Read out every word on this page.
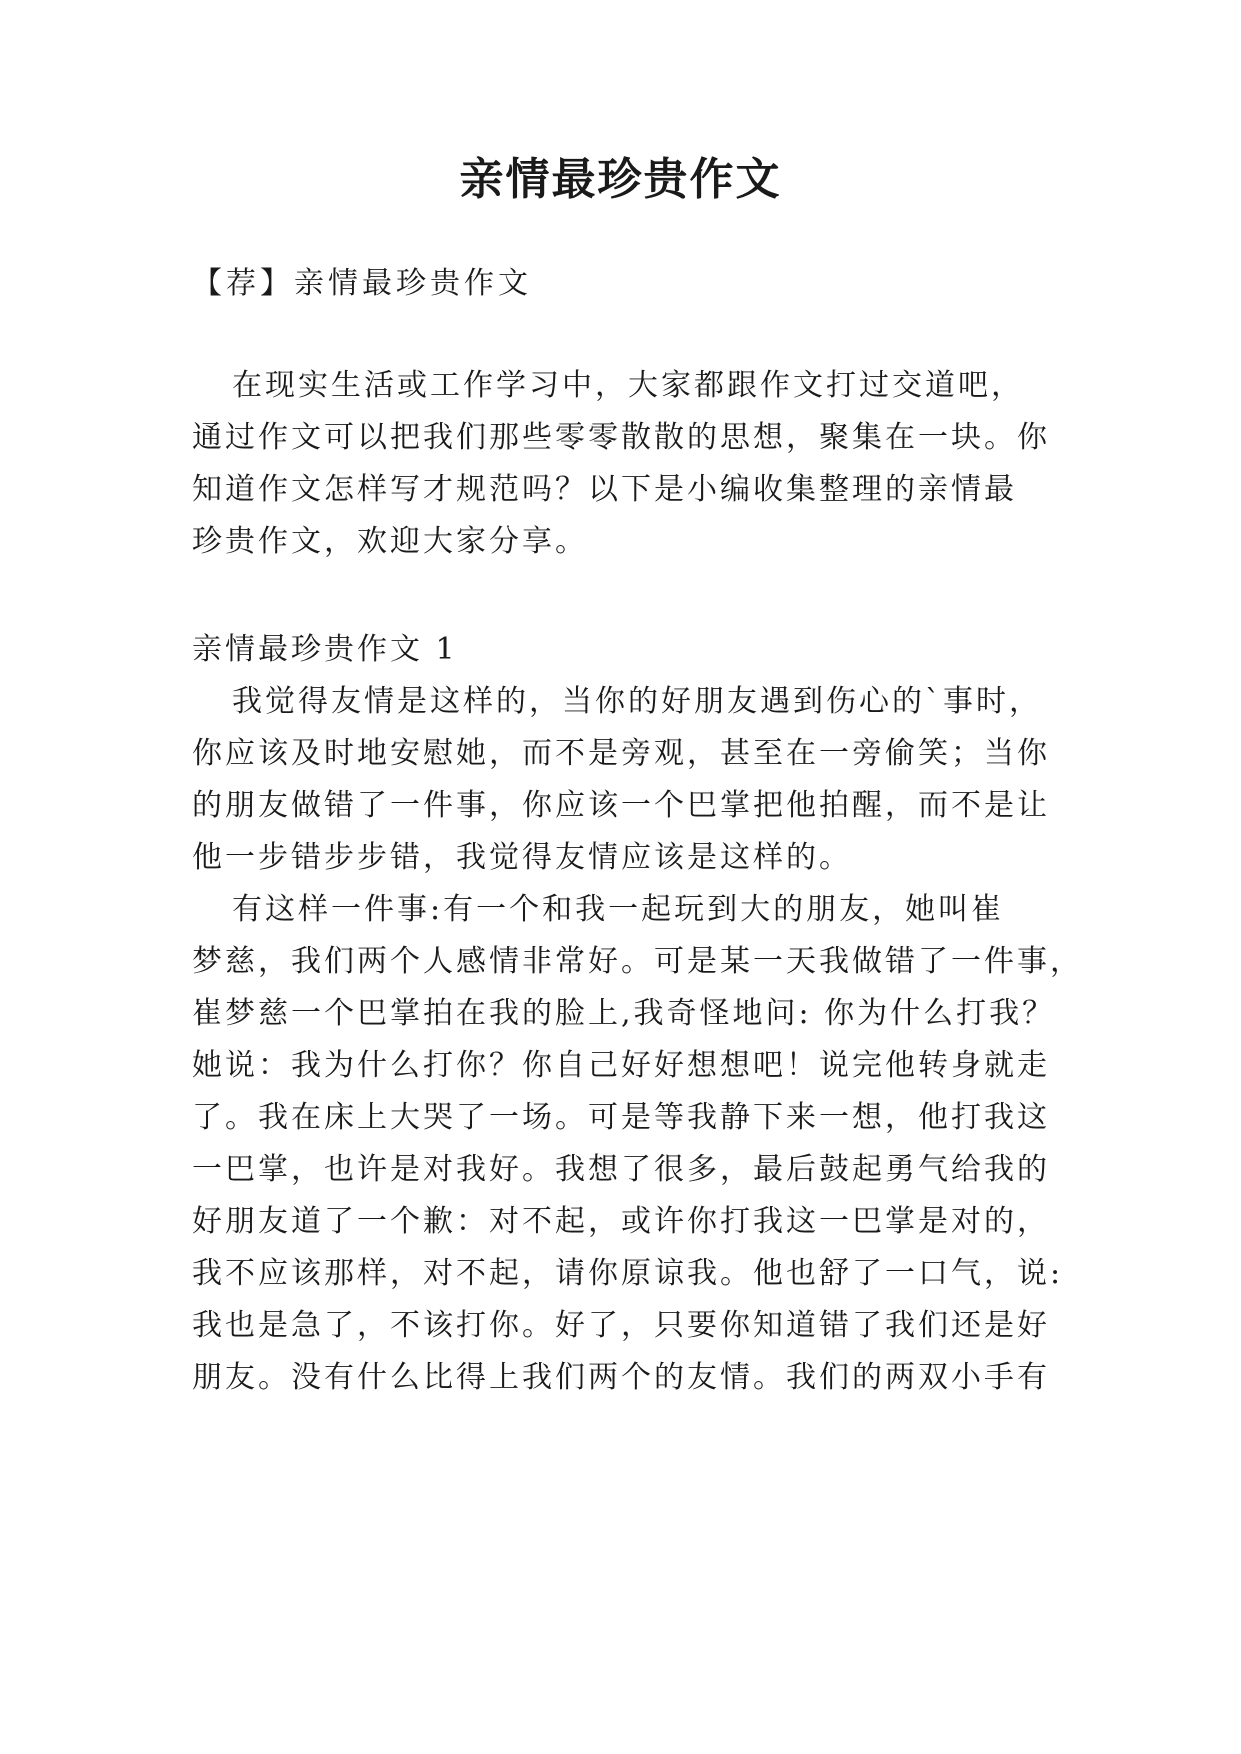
亲情最珍贵作文
【荐】亲情最珍贵作文
在现实生活或工作学习中，大家都跟作文打过交道吧，
通过作文可以把我们那些零零散散的思想，聚集在一块。你
知道作文怎样写才规范吗？以下是小编收集整理的亲情最
珍贵作文，欢迎大家分享。
亲情最珍贵作文 1
我觉得友情是这样的，当你的好朋友遇到伤心的`事时，
你应该及时地安慰她，而不是旁观，甚至在一旁偷笑；当你
的朋友做错了一件事，你应该一个巴掌把他拍醒，而不是让
他一步错步步错，我觉得友情应该是这样的。
有这样一件事:有一个和我一起玩到大的朋友，她叫崔
梦慈，我们两个人感情非常好。可是某一天我做错了一件事，
崔梦慈一个巴掌拍在我的脸上,我奇怪地问: 你为什么打我？
她说：我为什么打你？你自己好好想想吧！说完他转身就走
了。我在床上大哭了一场。可是等我静下来一想，他打我这
一巴掌，也许是对我好。我想了很多，最后鼓起勇气给我的
好朋友道了一个歉：对不起，或许你打我这一巴掌是对的，
我不应该那样，对不起，请你原谅我。他也舒了一口气，说:
我也是急了，不该打你。好了，只要你知道错了我们还是好
朋友。没有什么比得上我们两个的友情。我们的两双小手有
